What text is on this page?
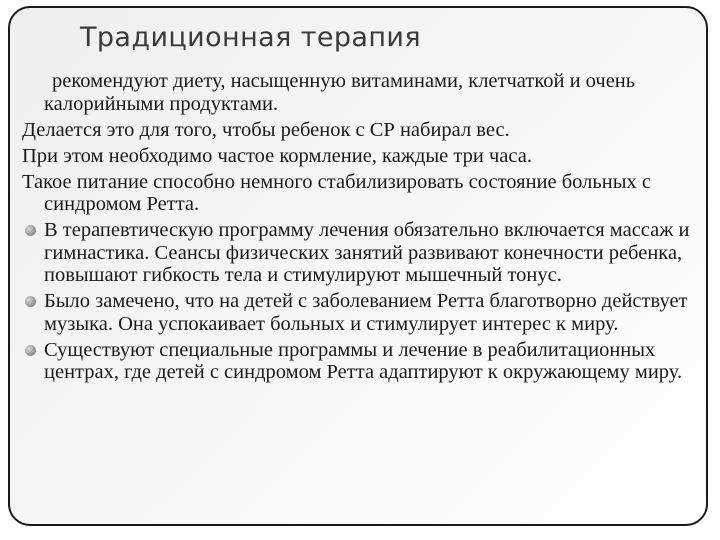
Традиционная терапия
рекомендуют диету, насыщенную витаминами, клетчаткой и очень калорийными продуктами.
Делается это для того, чтобы ребенок с СР набирал вес.
При этом необходимо частое кормление, каждые три часа.
Такое питание способно немного стабилизировать состояние больных с синдромом Ретта.
В терапевтическую программу лечения обязательно включается массаж и гимнастика. Сеансы физических занятий развивают конечности ребенка, повышают гибкость тела и стимулируют мышечный тонус.
Было замечено, что на детей с заболеванием Ретта благотворно действует музыка. Она успокаивает больных и стимулирует интерес к миру.
Существуют специальные программы и лечение в реабилитационных центрах, где детей с синдромом Ретта адаптируют к окружающему миру.
